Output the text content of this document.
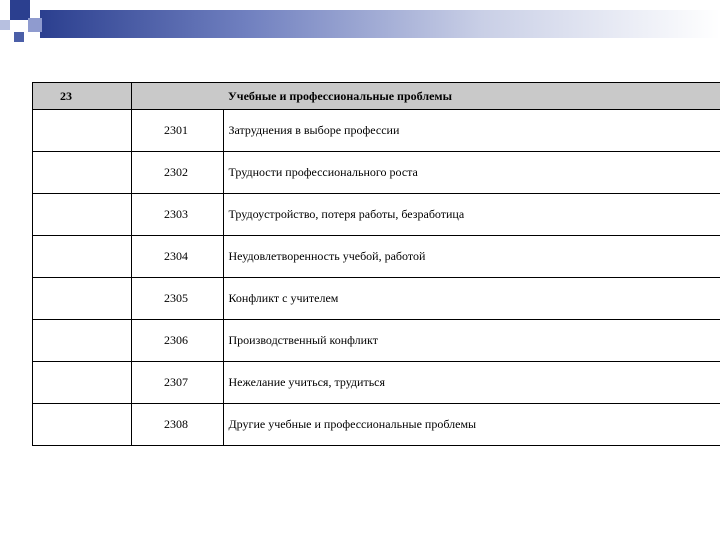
23		Учебные и профессиональные проблемы
	2301	Затруднения в выборе профессии
	2302	Трудности профессионального роста
	2303	Трудоустройство, потеря работы, безработица
	2304	Неудовлетворенность учебой, работой
	2305	Конфликт с учителем
	2306	Производственный конфликт
	2307	Нежелание учиться, трудиться
	2308	Другие учебные и профессиональные проблемы
